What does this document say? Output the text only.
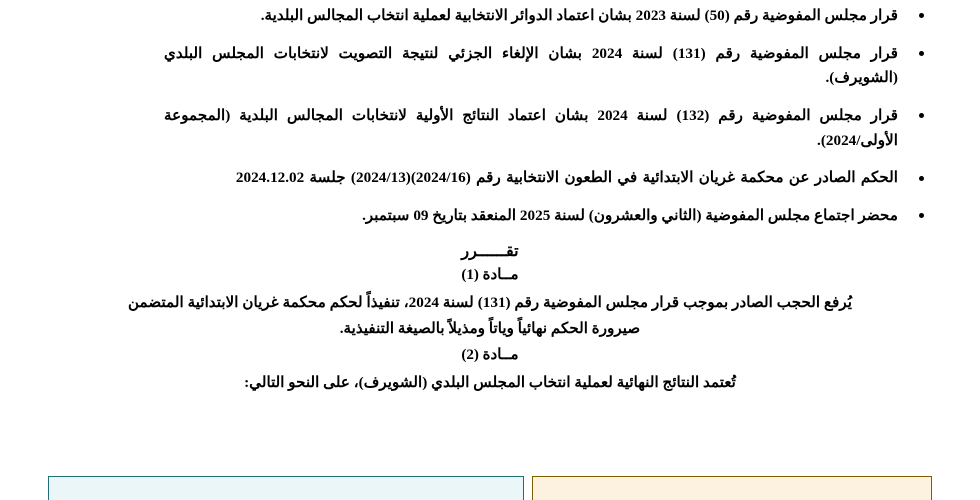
قرار مجلس المفوضية رقم (50) لسنة 2023 بشان اعتماد الدوائر الانتخابية لعملية انتخاب المجالس البلدية.
قرار مجلس المفوضية رقم (131) لسنة 2024 بشان الإلغاء الجزئي لنتيجة التصويت لانتخابات المجلس البلدي (الشويرف).
قرار مجلس المفوضية رقم (132) لسنة 2024 بشان اعتماد النتائج الأولية لانتخابات المجالس البلدية (المجموعة الأولى/2024).
الحكم الصادر عن محكمة غريان الابتدائية في الطعون الانتخابية رقم (2024/16)(2024/13) جلسة 2024.12.02
محضر اجتماع مجلس المفوضية (الثاني والعشرون) لسنة 2025 المنعقد بتاريخ 09 سبتمبر.
تقــــــرر
مــادة (1)
يُرفع الحجب الصادر بموجب قرار مجلس المفوضية رقم (131) لسنة 2024، تنفيذاً لحكم محكمة غريان الابتدائية المتضمن صيرورة الحكم نهائياً وياتاً ومذيلاً بالصيغة التنفيذية.
مــادة (2)
تُعتمد النتائج النهائية لعملية انتخاب المجلس البلدي (الشويرف)، على النحو التالي:
